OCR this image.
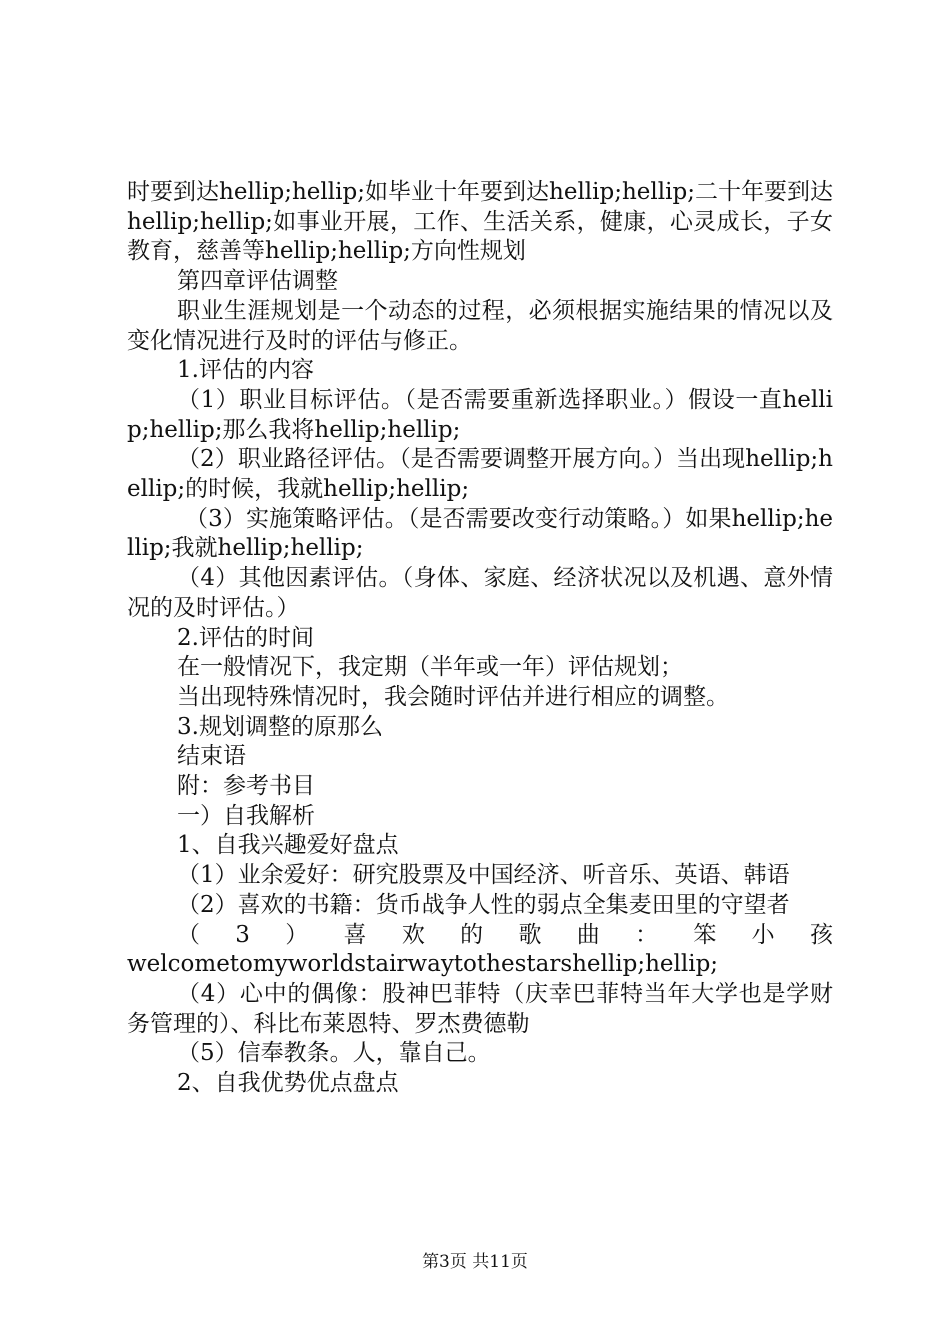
时要到达hellip;hellip;如毕业十年要到达hellip;hellip;二十年要到达hellip;hellip;如事业开展，工作、生活关系，健康，心灵成长，子女教育，慈善等hellip;hellip;方向性规划

第四章评估调整

职业生涯规划是一个动态的过程，必须根据实施结果的情况以及变化情况进行及时的评估与修正。

1.评估的内容

（1）职业目标评估。（是否需要重新选择职业。）假设一直hellip;hellip;那么我将hellip;hellip;

（2）职业路径评估。（是否需要调整开展方向。）当出现hellip;hellip;的时候，我就hellip;hellip;

（3）实施策略评估。（是否需要改变行动策略。）如果hellip;hellip;我就hellip;hellip;

（4）其他因素评估。（身体、家庭、经济状况以及机遇、意外情况的及时评估。）

2.评估的时间

在一般情况下，我定期（半年或一年）评估规划；

当出现特殊情况时，我会随时评估并进行相应的调整。

3.规划调整的原那么

结束语

附：参考书目

一）自我解析

1、自我兴趣爱好盘点

（1）业余爱好：研究股票及中国经济、听音乐、英语、韩语

（2）喜欢的书籍：货币战争人性的弱点全集麦田里的守望者

（3）喜欢的歌曲：笨小孩

welcometomyworldstairwaytothestarshellip;hellip;

（4）心中的偶像：股神巴菲特（庆幸巴菲特当年大学也是学财务管理的）、科比布莱恩特、罗杰费德勒

（5）信奉教条。人，靠自己。

2、自我优势优点盘点

第3页 共11页
